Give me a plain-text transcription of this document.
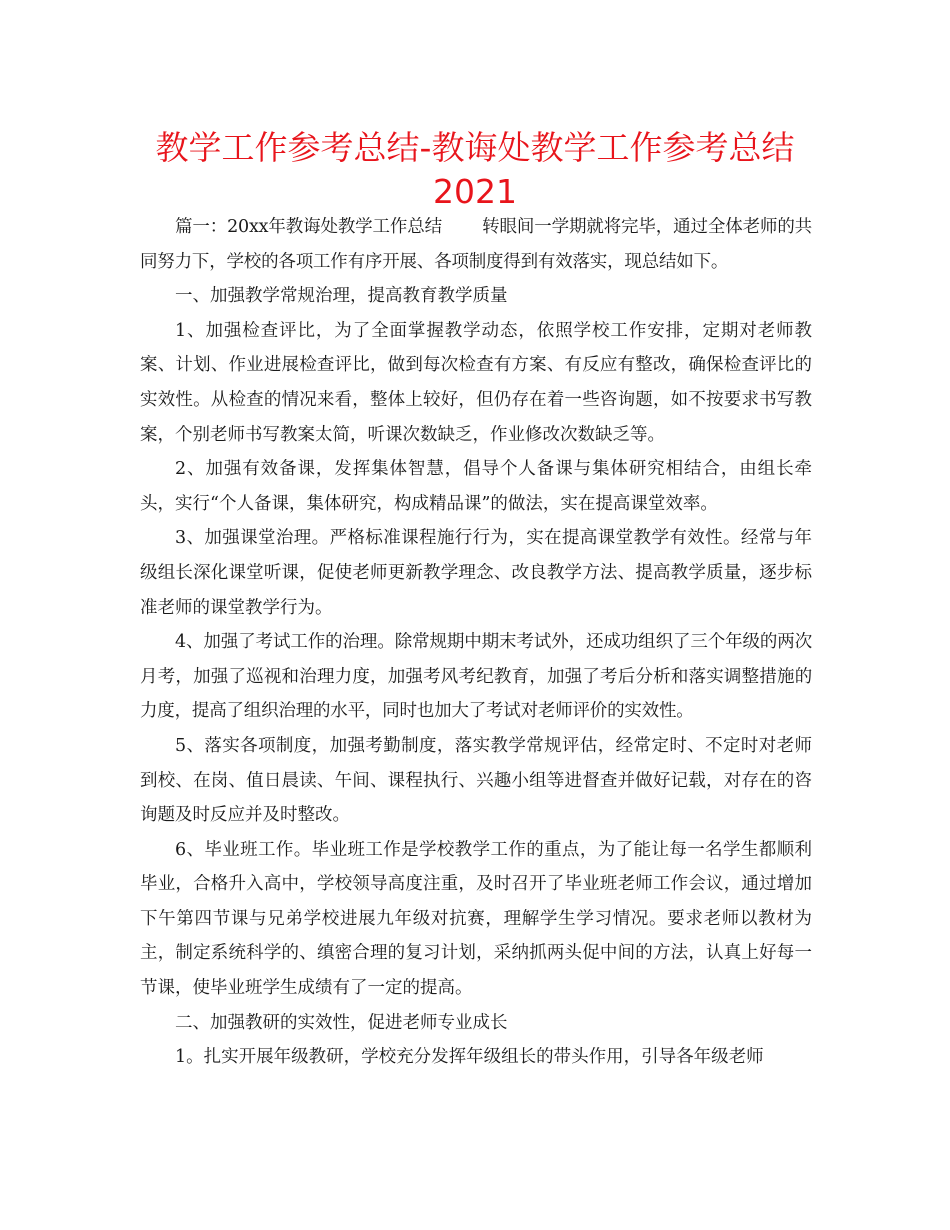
教学工作参考总结-教诲处教学工作参考总结
2021

篇一：20xx年教诲处教学工作总结　　 转眼间一学期就将完毕，通过全体老师的共同努力下，学校的各项工作有序开展、各项制度得到有效落实，现总结如下。

一、加强教学常规治理，提高教育教学质量

1、加强检查评比，为了全面掌握教学动态，依照学校工作安排，定期对老师教案、计划、作业进展检查评比，做到每次检查有方案、有反应有整改，确保检查评比的实效性。从检查的情况来看，整体上较好，但仍存在着一些咨询题，如不按要求书写教案，个别老师书写教案太简，听课次数缺乏，作业修改次数缺乏等。

2、加强有效备课，发挥集体智慧，倡导个人备课与集体研究相结合，由组长牵头，实行“个人备课，集体研究，构成精品课”的做法，实在提高课堂效率。

3、加强课堂治理。严格标准课程施行行为，实在提高课堂教学有效性。经常与年级组长深化课堂听课，促使老师更新教学理念、改良教学方法、提高教学质量，逐步标准老师的课堂教学行为。

4、加强了考试工作的治理。除常规期中期末考试外，还成功组织了三个年级的两次月考，加强了巡视和治理力度，加强考风考纪教育，加强了考后分析和落实调整措施的力度，提高了组织治理的水平，同时也加大了考试对老师评价的实效性。

5、落实各项制度，加强考勤制度，落实教学常规评估，经常定时、不定时对老师到校、在岗、值日晨读、午间、课程执行、兴趣小组等进督查并做好记载，对存在的咨询题及时反应并及时整改。

6、毕业班工作。毕业班工作是学校教学工作的重点，为了能让每一名学生都顺利毕业，合格升入高中，学校领导高度注重，及时召开了毕业班老师工作会议，通过增加下午第四节课与兄弟学校进展九年级对抗赛，理解学生学习情况。要求老师以教材为主，制定系统科学的、缜密合理的复习计划，采纳抓两头促中间的方法，认真上好每一节课，使毕业班学生成绩有了一定的提高。

二、加强教研的实效性，促进老师专业成长

1。扎实开展年级教研，学校充分发挥年级组长的带头作用，引导各年级老师
